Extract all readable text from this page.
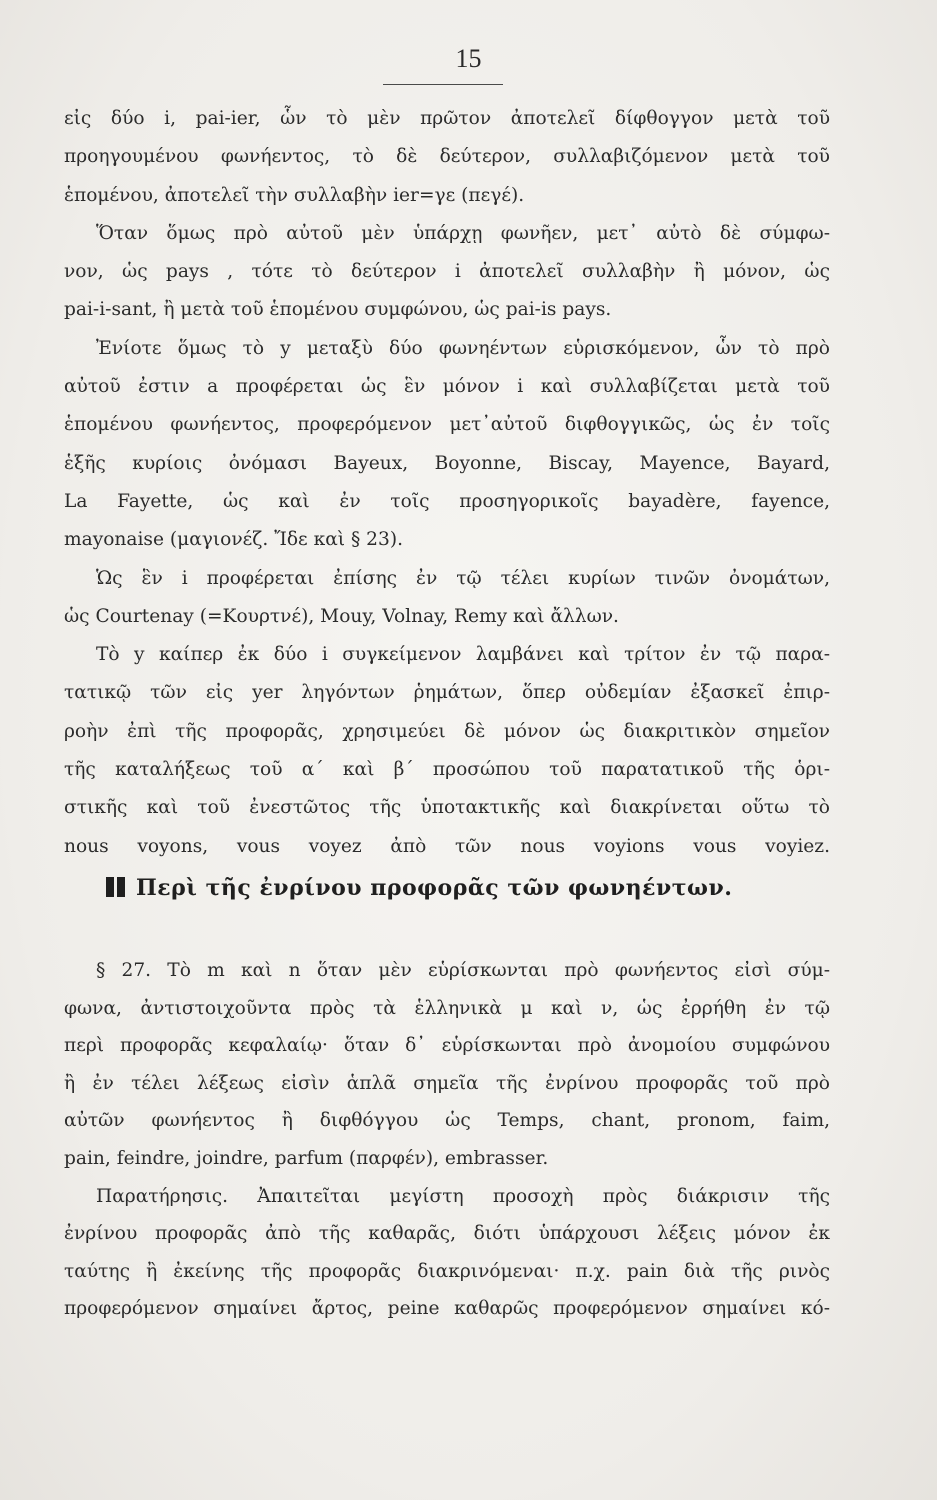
15
εἰς δύο i, pai-ier, ὧν τὸ μὲν πρῶτον ἀποτελεῖ δίφθογγον μετὰ τοῦ
προηγουμένου φωνήεντος, τὸ δὲ δεύτερον, συλλαβιζόμενον μετὰ τοῦ
ἑπομένου, ἀποτελεῖ τὴν συλλαβὴν ier=γε (πεγέ).
Ὅταν ὅμως πρὸ αὐτοῦ μὲν ὑπάρχῃ φωνῆεν, μετ᾽ αὐτὸ δὲ σύμφω-
νον, ὡς pays , τότε τὸ δεύτερον i ἀποτελεῖ συλλαβὴν ἢ μόνον, ὡς
pai-i-sant, ἢ μετὰ τοῦ ἑπομένου συμφώνου, ὡς pai-is pays.
Ἐνίοτε ὅμως τὸ y μεταξὺ δύο φωνηέντων εὑρισκόμενον, ὧν τὸ πρὸ
αὐτοῦ ἐστιν a προφέρεται ὡς ἓν μόνον i καὶ συλλαβίζεται μετὰ τοῦ
ἑπομένου φωνήεντος, προφερόμενον μετ᾽αὐτοῦ διφθογγικῶς, ὡς ἐν τοῖς
ἑξῆς κυρίοις ὀνόμασι Bayeux, Boyonne, Biscay, Mayence, Bayard,
La Fayette, ὡς καὶ ἐν τοῖς προσηγορικοῖς bayadère, fayence,
mayonaise (μαγιονέζ. Ἴδε καὶ § 23).
Ὡς ἓν i προφέρεται ἐπίσης ἐν τῷ τέλει κυρίων τινῶν ὀνομάτων,
ὡς Courtenay (=Κουρτνέ), Mouy, Volnay, Remy καὶ ἄλλων.
Τὸ y καίπερ ἐκ δύο i συγκείμενον λαμβάνει καὶ τρίτον ἐν τῷ παρα-
τατικῷ τῶν εἰς yer ληγόντων ῥημάτων, ὅπερ οὐδεμίαν ἐξασκεῖ ἐπιρ-
ροὴν ἐπὶ τῆς προφορᾶς, χρησιμεύει δὲ μόνον ὡς διακριτικὸν σημεῖον
τῆς καταλήξεως τοῦ α´ καὶ β´ προσώπου τοῦ παρατατικοῦ τῆς ὁρι-
στικῆς καὶ τοῦ ἐνεστῶτος τῆς ὑποτακτικῆς καὶ διακρίνεται οὕτω τὸ
nous voyons, vous voyez ἀπὸ τῶν nous voyions vous voyiez.
Περὶ τῆς ἐνρίνου προφορᾶς τῶν φωνηέντων.
§ 27. Τὸ m καὶ n ὅταν μὲν εὑρίσκωνται πρὸ φωνήεντος εἰσὶ σύμ-
φωνα, ἀντιστοιχοῦντα πρὸς τὰ ἑλληνικὰ μ καὶ ν, ὡς ἐρρήθη ἐν τῷ
περὶ προφορᾶς κεφαλαίῳ· ὅταν δ᾽ εὑρίσκωνται πρὸ ἀνομοίου συμφώνου
ἢ ἐν τέλει λέξεως εἰσὶν ἁπλᾶ σημεῖα τῆς ἐνρίνου προφορᾶς τοῦ πρὸ
αὐτῶν φωνήεντος ἢ διφθόγγου ὡς Temps, chant, pronom, faim,
pain, feindre, joindre, parfum (παρφέν), embrasser.
Παρατήρησις. Ἀπαιτεῖται μεγίστη προσοχὴ πρὸς διάκρισιν τῆς
ἐνρίνου προφορᾶς ἀπὸ τῆς καθαρᾶς, διότι ὑπάρχουσι λέξεις μόνον ἐκ
ταύτης ἢ ἐκείνης τῆς προφορᾶς διακρινόμεναι· π.χ. pain διὰ τῆς ρινὸς
προφερόμενον σημαίνει ἄρτος, peine καθαρῶς προφερόμενον σημαίνει κό-
